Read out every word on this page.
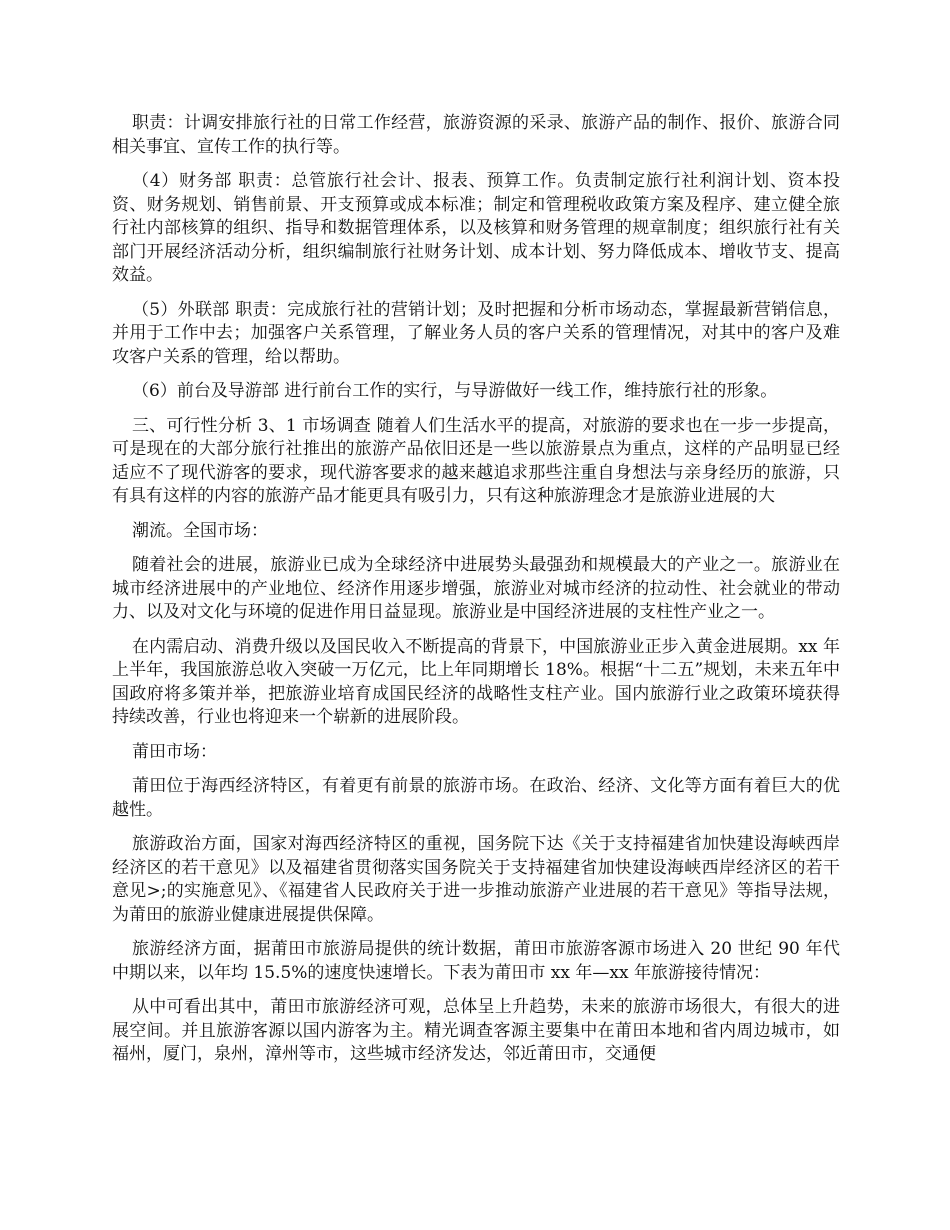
职责：计调安排旅行社的日常工作经营，旅游资源的采录、旅游产品的制作、报价、旅游合同相关事宜、宣传工作的执行等。

（4）财务部 职责：总管旅行社会计、报表、预算工作。负责制定旅行社利润计划、资本投资、财务规划、销售前景、开支预算或成本标准；制定和管理税收政策方案及程序、建立健全旅行社内部核算的组织、指导和数据管理体系，以及核算和财务管理的规章制度；组织旅行社有关部门开展经济活动分析，组织编制旅行社财务计划、成本计划、努力降低成本、增收节支、提高效益。

（5）外联部 职责：完成旅行社的营销计划；及时把握和分析市场动态，掌握最新营销信息，并用于工作中去；加强客户关系管理，了解业务人员的客户关系的管理情况，对其中的客户及难攻客户关系的管理，给以帮助。

（6）前台及导游部 进行前台工作的实行，与导游做好一线工作，维持旅行社的形象。

三、可行性分析 3、1 市场调查 随着人们生活水平的提高，对旅游的要求也在一步一步提高，可是现在的大部分旅行社推出的旅游产品依旧还是一些以旅游景点为重点，这样的产品明显已经适应不了现代游客的要求，现代游客要求的越来越追求那些注重自身想法与亲身经历的旅游，只有具有这样的内容的旅游产品才能更具有吸引力，只有这种旅游理念才是旅游业进展的大

潮流。全国市场：

随着社会的进展，旅游业已成为全球经济中进展势头最强劲和规模最大的产业之一。旅游业在城市经济进展中的产业地位、经济作用逐步增强，旅游业对城市经济的拉动性、社会就业的带动力、以及对文化与环境的促进作用日益显现。旅游业是中国经济进展的支柱性产业之一。

在内需启动、消费升级以及国民收入不断提高的背景下，中国旅游业正步入黄金进展期。xx 年上半年，我国旅游总收入突破一万亿元，比上年同期增长 18%。根据“十二五”规划，未来五年中国政府将多策并举，把旅游业培育成国民经济的战略性支柱产业。国内旅游行业之政策环境获得持续改善，行业也将迎来一个崭新的进展阶段。

莆田市场：

莆田位于海西经济特区，有着更有前景的旅游市场。在政治、经济、文化等方面有着巨大的优越性。

旅游政治方面，国家对海西经济特区的重视，国务院下达《关于支持福建省加快建设海峡西岸经济区的若干意见》以及福建省贯彻落实国务院关于支持福建省加快建设海峡西岸经济区的若干意见>;的实施意见》、《福建省人民政府关于进一步推动旅游产业进展的若干意见》等指导法规，为莆田的旅游业健康进展提供保障。

旅游经济方面，据莆田市旅游局提供的统计数据，莆田市旅游客源市场进入 20 世纪 90 年代中期以来，以年均 15.5%的速度快速增长。下表为莆田市 xx 年—xx 年旅游接待情况：

从中可看出其中，莆田市旅游经济可观，总体呈上升趋势，未来的旅游市场很大，有很大的进展空间。并且旅游客源以国内游客为主。精光调查客源主要集中在莆田本地和省内周边城市，如福州，厦门，泉州，漳州等市，这些城市经济发达，邻近莆田市，交通便
